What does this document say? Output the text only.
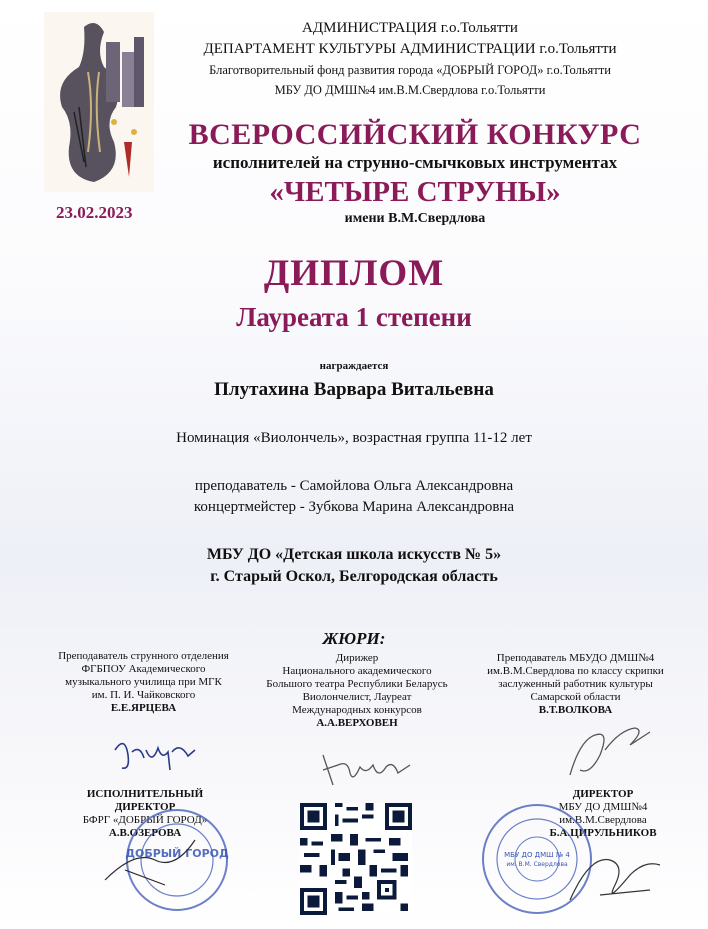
АДМИНИСТРАЦИЯ г.о.Тольятти
ДЕПАРТАМЕНТ КУЛЬТУРЫ АДМИНИСТРАЦИИ г.о.Тольятти
Благотворительный фонд развития города «ДОБРЫЙ ГОРОД» г.о.Тольятти
МБУ ДО ДМШ№4 им.В.М.Свердлова г.о.Тольятти
ВСЕРОССИЙСКИЙ КОНКУРС
исполнителей на струнно-смычковых инструментах
23.02.2023
«ЧЕТЫРЕ СТРУНЫ»
имени В.М.Свердлова
ДИПЛОМ
Лауреата 1 степени
награждается
Плутахина Варвара Витальевна
Номинация «Виолончель», возрастная группа 11-12 лет
преподаватель - Самойлова Ольга Александровна
концертмейстер - Зубкова Марина Александровна
МБУ ДО «Детская школа искусств № 5»
г. Старый Оскол, Белгородская область
ЖЮРИ:
Преподаватель струнного отделения
ФГБПОУ Академического
музыкального училища при МГК
им. П. И. Чайковского
Е.Е.ЯРЦЕВА
Дирижер
Национального академического
Большого театра Республики Беларусь
Виолончелист, Лауреат
Международных конкурсов
А.А.ВЕРХОВЕН
Преподаватель МБУДО ДМШ№4
им.В.М.Свердлова по классу скрипки
заслуженный работник культуры
Самарской области
В.Т.ВОЛКОВА
ИСПОЛНИТЕЛЬНЫЙ
ДИРЕКТОР
БФРГ «ДОБРЫЙ ГОРОД»
А.В.ОЗЕРОВА
ДИРЕКТОР
МБУ ДО ДМШ№4
им.В.М.Свердлова
Б.А.ЦИРУЛЬНИКОВ
ДОБРЫЙ ГОРОД	МБУ ДО ДМШ № 4
им. В.М. Свердлова
